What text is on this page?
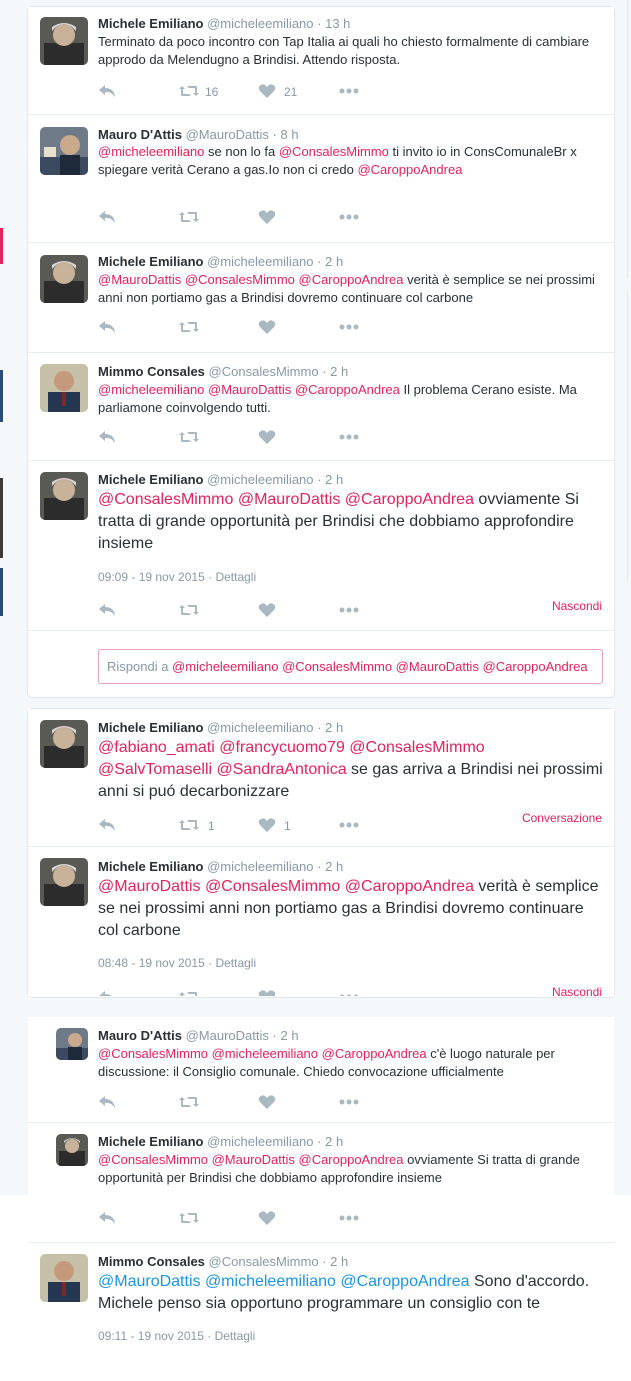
Michele Emiliano @micheleemiliano · 13 h
Terminato da poco incontro con Tap Italia ai quali ho chiesto formalmente di cambiare approdo da Melendugno a Brindisi. Attendo risposta.
16	21
Mauro D'Attis @MauroDattis · 8 h
@micheleemiliano se non lo fa @ConsalesMimmo ti invito io in ConsComunaleBr x spiegare verità Cerano a gas.Io non ci credo @CaroppoAndrea
Michele Emiliano @micheleemiliano · 2 h
@MauroDattis @ConsalesMimmo @CaroppoAndrea verità è semplice se nei prossimi anni non portiamo gas a Brindisi dovremo continuare col carbone
Mimmo Consales @ConsalesMimmo · 2 h
@micheleemiliano @MauroDattis @CaroppoAndrea Il problema Cerano esiste. Ma parliamone coinvolgendo tutti.
Michele Emiliano @micheleemiliano · 2 h
@ConsalesMimmo @MauroDattis @CaroppoAndrea ovviamente Si tratta di grande opportunità per Brindisi che dobbiamo approfondire insieme
09:09 - 19 nov 2015 · Dettagli
Nascondi
Rispondi a @micheleemiliano @ConsalesMimmo @MauroDattis @CaroppoAndrea
Michele Emiliano @micheleemiliano · 2 h
@fabiano_amati @francycuomo79 @ConsalesMimmo
@SalvTomaselli @SandraAntonica se gas arriva a Brindisi nei prossimi anni si puó decarbonizzare
1	1
Conversazione
Michele Emiliano @micheleemiliano · 2 h
@MauroDattis @ConsalesMimmo @CaroppoAndrea verità è semplice se nei prossimi anni non portiamo gas a Brindisi dovremo continuare col carbone
08:48 - 19 nov 2015 · Dettagli
Nascondi
Mauro D'Attis @MauroDattis · 2 h
@ConsalesMimmo @micheleemiliano @CaroppoAndrea c'è luogo naturale per discussione: il Consiglio comunale. Chiedo convocazione ufficialmente
Michele Emiliano @micheleemiliano · 2 h
@ConsalesMimmo @MauroDattis @CaroppoAndrea ovviamente Si tratta di grande opportunità per Brindisi che dobbiamo approfondire insieme
Mimmo Consales @ConsalesMimmo · 2 h
@MauroDattis @micheleemiliano @CaroppoAndrea Sono d'accordo. Michele penso sia opportuno programmare un consiglio con te
09:11 - 19 nov 2015 · Dettagli
